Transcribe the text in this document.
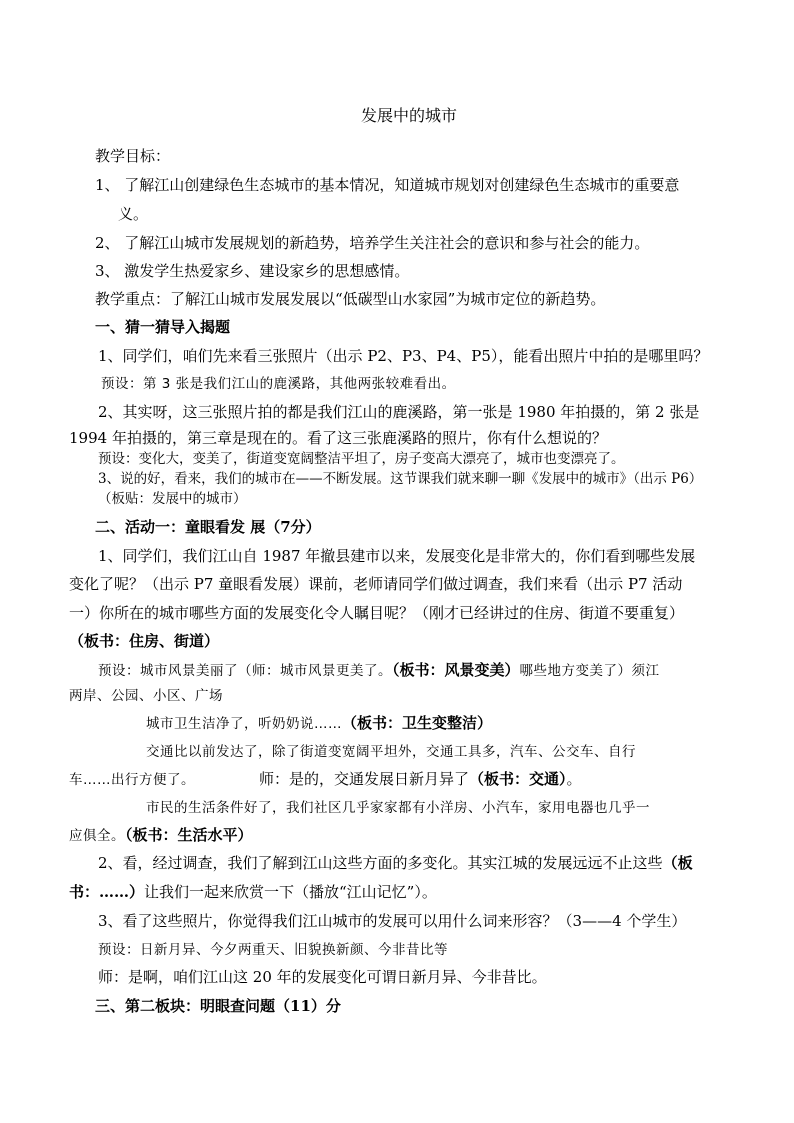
发展中的城市
教学目标：
1、 了解江山创建绿色生态城市的基本情况，知道城市规划对创建绿色生态城市的重要意
义。
2、 了解江山城市发展规划的新趋势，培养学生关注社会的意识和参与社会的能力。
3、 激发学生热爱家乡、建设家乡的思想感情。
教学重点：了解江山城市发展发展以“低碳型山水家园”为城市定位的新趋势。
一、猜一猜导入揭题
1、同学们，咱们先来看三张照片（出示 P2、P3、P4、P5），能看出照片中拍的是哪里吗？
预设：第 3 张是我们江山的鹿溪路，其他两张较难看出。
2、其实呀，这三张照片拍的都是我们江山的鹿溪路，第一张是 1980 年拍摄的，第 2 张是
1994 年拍摄的，第三章是现在的。看了这三张鹿溪路的照片，你有什么想说的？
预设：变化大，变美了，街道变宽阔整洁平坦了，房子变高大漂亮了，城市也变漂亮了。
3、说的好，看来，我们的城市在——不断发展。这节课我们就来聊一聊《发展中的城市》（出示 P6）
（板贴：发展中的城市）
二、活动一：童眼看发 展（7分）
1、同学们，我们江山自 1987 年撤县建市以来，发展变化是非常大的，你们看到哪些发展
变化了呢？（出示 P7 童眼看发展）课前，老师请同学们做过调查，我们来看（出示 P7 活动
一）你所在的城市哪些方面的发展变化令人瞩目呢？（刚才已经讲过的住房、街道不要重复）
（板书：住房、街道）
预设：城市风景美丽了（师：城市风景更美了。（板书：风景变美）哪些地方变美了）须江
两岸、公园、小区、广场
城市卫生洁净了，听奶奶说……（板书：卫生变整洁）
交通比以前发达了，除了街道变宽阔平坦外，交通工具多，汽车、公交车、自行
车……出行方便了。	师：是的，交通发展日新月异了（板书：交通）。
市民的生活条件好了，我们社区几乎家家都有小洋房、小汽车，家用电器也几乎一
应俱全。（板书：生活水平）
2、看，经过调查，我们了解到江山这些方面的多变化。其实江城的发展远远不止这些（板
书：……）让我们一起来欣赏一下（播放“江山记忆”）。
3、看了这些照片，你觉得我们江山城市的发展可以用什么词来形容？（3——4 个学生）
预设：日新月异、今夕两重天、旧貌换新颜、今非昔比等
师：是啊，咱们江山这 20 年的发展变化可谓日新月异、今非昔比。
三、第二板块：明眼查问题（11）分
